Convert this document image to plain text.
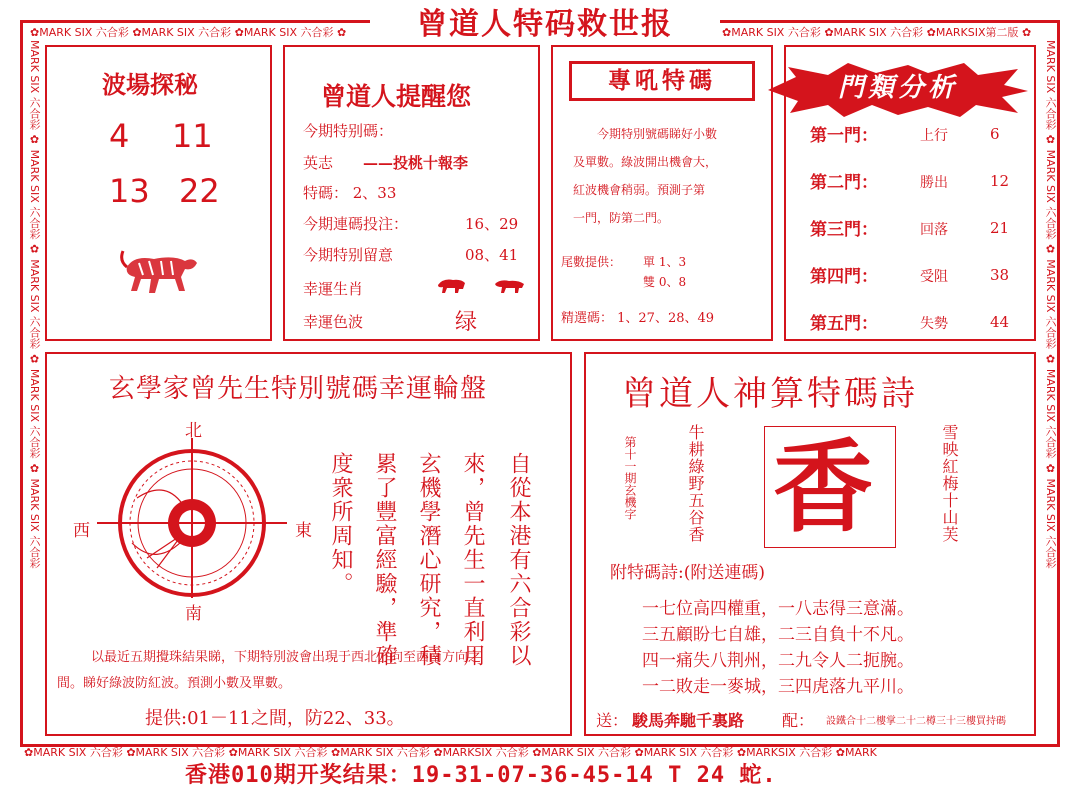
✿MARK SIX 六合彩 ✿MARK SIX 六合彩 ✿MARK SIX 六合彩 ✿	✿MARK SIX 六合彩 ✿MARK SIX 六合彩 ✿MARKSIX第二版 ✿
✿MARK SIX 六合彩 ✿MARK SIX 六合彩 ✿MARK SIX 六合彩 ✿MARK SIX 六合彩 ✿MARKSIX 六合彩 ✿MARK SIX 六合彩 ✿MARK SIX 六合彩 ✿MARKSIX 六合彩 ✿MARK
MARK SIX 六合彩 ✿ MARK SIX 六合彩 ✿ MARK SIX 六合彩 ✿ MARK SIX 六合彩 ✿ MARK SIX 六合彩	MARK SIX 六合彩 ✿ MARK SIX 六合彩 ✿ MARK SIX 六合彩 ✿ MARK SIX 六合彩 ✿ MARK SIX 六合彩
曾道人特码救世报
波場探秘
4 11
13 22
曾道人提醒您
今期特别碼：
英志 ——投桃十報李
特碼： 2、33
今期連碼投注：	16、29
今期特别留意	08、41
幸運生肖
幸運色波	绿
專吼特碼
今期特別號碼睇好小數
及單數。綠波開出機會大，
紅波機會稍弱。預測子第
一門，防第二門。
尾數提供： 單 1、3
雙 0、8
精選碼： 1、27、28、49
門類分析
第一門：	上行	6
第二門：	勝出	12
第三門：	回落	21
第四門：	受阻	38
第五門：	失勢	44
玄學家曾先生特別號碼幸運輪盤
北
南
西	東	自從本港有六合彩以
來，曾先生一直利用
玄機學潛心研究，積
累了豐富經驗，準確
度衆所周知。
以最近五期攪珠結果睇，下期特別波會出現于西北方向至西南方向之
間。睇好綠波防紅波。預測小數及單數。
提供:01－11之間，防22、33。
曾道人神算特碼詩
香
第十一期玄機字	牛耕綠野五谷香	雪映紅梅十山芙
附特碼詩:(附送連碼)
一七位高四權重，一八志得三意滿。
三五顧盼七自雄，二三自負十不凡。
四一痛失八荆州，二九令人二扼腕。
一二敗走一麥城，三四虎落九平川。
送： 駿馬奔馳千裏路 配： 設鐵合十二樓掌二十二樽三十三樓買持碼
香港010期开奖结果：19-31-07-36-45-14 T 24 蛇.
